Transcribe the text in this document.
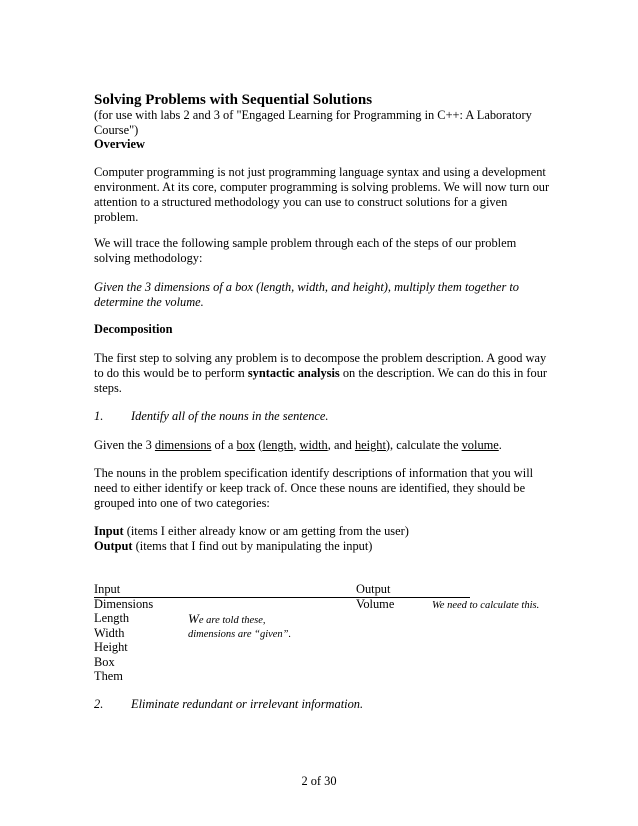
Solving Problems with Sequential Solutions
(for use with labs 2 and 3 of "Engaged Learning for Programming in C++: A Laboratory Course")
Overview
Computer programming is not just programming language syntax and using a development environment. At its core, computer programming is solving problems. We will now turn our attention to a structured methodology you can use to construct solutions for a given problem.
We will trace the following sample problem through each of the steps of our problem solving methodology:
Given the 3 dimensions of a box (length, width, and height), multiply them together to determine the volume.
Decomposition
The first step to solving any problem is to decompose the problem description. A good way to do this would be to perform syntactic analysis on the description. We can do this in four steps.
1. Identify all of the nouns in the sentence.
Given the 3 dimensions of a box (length, width, and height), calculate the volume.
The nouns in the problem specification identify descriptions of information that you will need to either identify or keep track of. Once these nouns are identified, they should be grouped into one of two categories:
Input (items I either already know or am getting from the user)
Output (items that I find out by manipulating the input)
Input	Output
Dimensions
Length
Width
Height
Box
Them
We are told these,
dimensions are “given”.
Volume	We need to calculate this.
2. Eliminate redundant or irrelevant information.
2 of 30
